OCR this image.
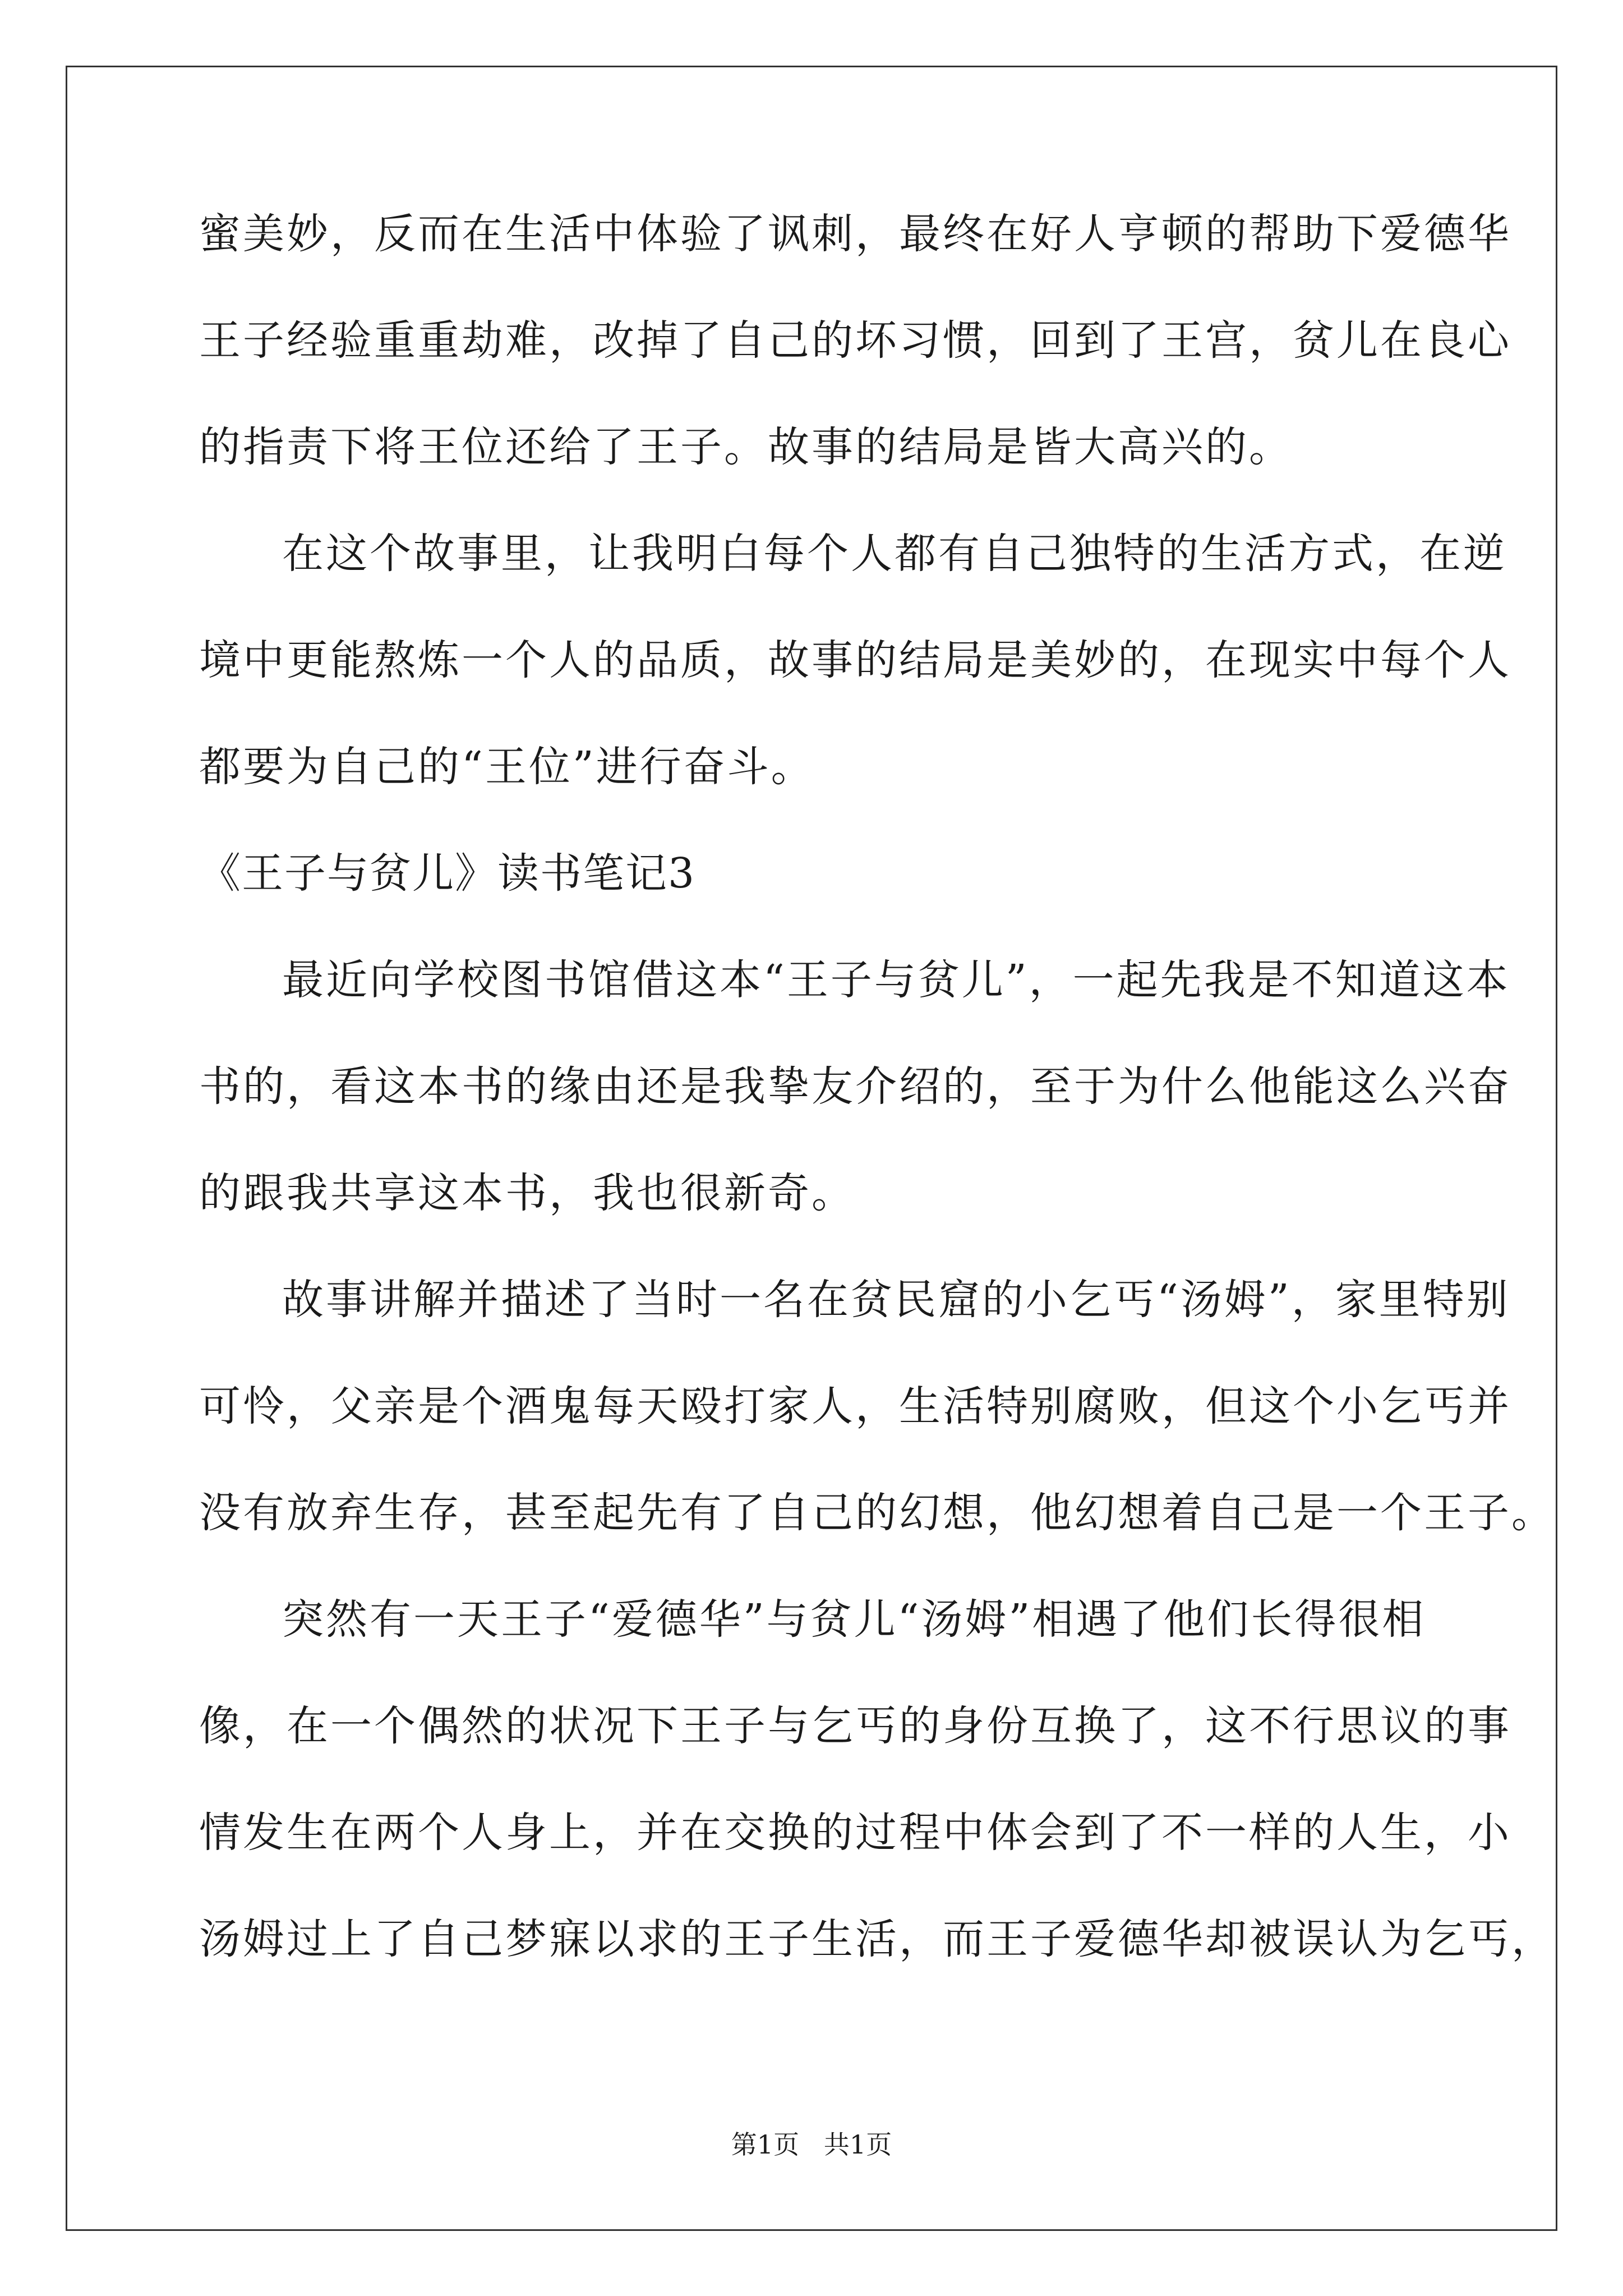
蜜美妙，反而在生活中体验了讽刺，最终在好人亨顿的帮助下爱德华
王子经验重重劫难，改掉了自己的坏习惯，回到了王宫，贫儿在良心
的指责下将王位还给了王子。故事的结局是皆大高兴的。
在这个故事里，让我明白每个人都有自己独特的生活方式，在逆
境中更能熬炼一个人的品质，故事的结局是美妙的，在现实中每个人
都要为自己的“王位”进行奋斗。
《王子与贫儿》读书笔记3
最近向学校图书馆借这本“王子与贫儿”，一起先我是不知道这本
书的，看这本书的缘由还是我挚友介绍的，至于为什么他能这么兴奋
的跟我共享这本书，我也很新奇。
故事讲解并描述了当时一名在贫民窟的小乞丐“汤姆”，家里特别
可怜，父亲是个酒鬼每天殴打家人，生活特别腐败，但这个小乞丐并
没有放弃生存，甚至起先有了自己的幻想，他幻想着自己是一个王子。
突然有一天王子“爱德华”与贫儿“汤姆”相遇了他们长得很相
像，在一个偶然的状况下王子与乞丐的身份互换了，这不行思议的事
情发生在两个人身上，并在交换的过程中体会到了不一样的人生，小
汤姆过上了自己梦寐以求的王子生活，而王子爱德华却被误认为乞丐，
第1页   共1页
